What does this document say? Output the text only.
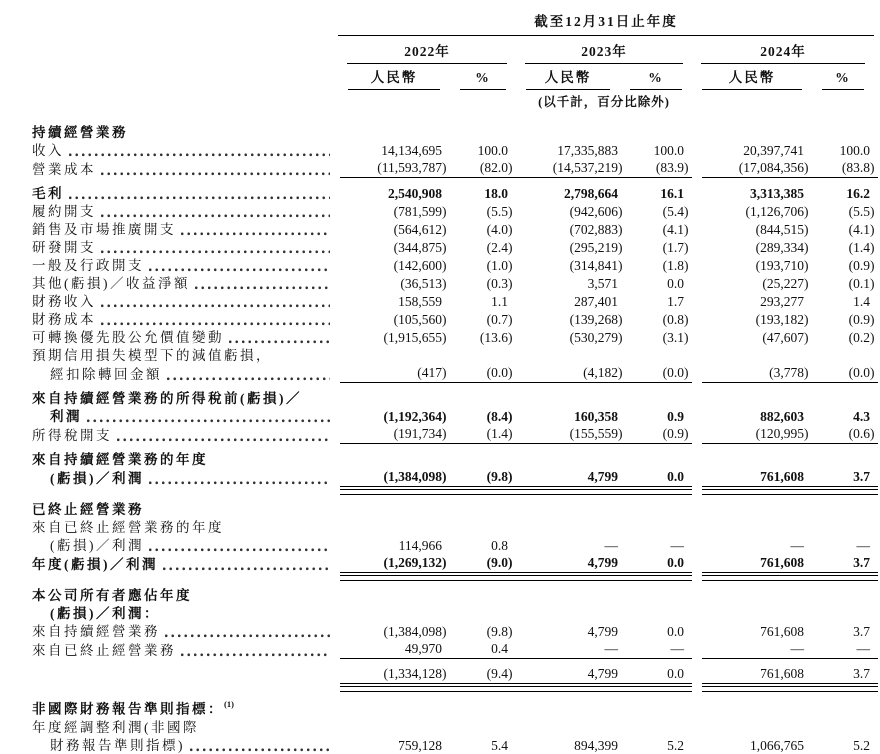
	截至12月31日止年度					

	2022年		2023年		2024年	

	人民幣	%	人民幣	%	人民幣	%

			(以千計，百分比除外)			

持續經營業務						

收入	14,134,695	100.0	17,335,883	100.0	20,397,741	100.0

營業成本	(11,593,787)	(82.0)	(14,537,219)	(83.9)	(17,084,356)	(83.8)

毛利	2,540,908	18.0	2,798,664	16.1	3,313,385	16.2

履約開支	(781,599)	(5.5)	(942,606)	(5.4)	(1,126,706)	(5.5)

銷售及市場推廣開支	(564,612)	(4.0)	(702,883)	(4.1)	(844,515)	(4.1)

研發開支	(344,875)	(2.4)	(295,219)	(1.7)	(289,334)	(1.4)

一般及行政開支	(142,600)	(1.0)	(314,841)	(1.8)	(193,710)	(0.9)

其他(虧損)／收益淨額	(36,513)	(0.3)	3,571	0.0	(25,227)	(0.1)

財務收入	158,559	1.1	287,401	1.7	293,277	1.4

財務成本	(105,560)	(0.7)	(139,268)	(0.8)	(193,182)	(0.9)

可轉換優先股公允價值變動	(1,915,655)	(13.6)	(530,279)	(3.1)	(47,607)	(0.2)

預期信用損失模型下的減值虧損，						

經扣除轉回金額	(417)	(0.0)	(4,182)	(0.0)	(3,778)	(0.0)

來自持續經營業務的所得稅前(虧損)／						

利潤	(1,192,364)	(8.4)	160,358	0.9	882,603	4.3

所得稅開支	(191,734)	(1.4)	(155,559)	(0.9)	(120,995)	(0.6)

來自持續經營業務的年度						

(虧損)／利潤	(1,384,098)	(9.8)	4,799	0.0	761,608	3.7

已終止經營業務						

來自已終止經營業務的年度						

(虧損)／利潤	114,966	0.8	—	—	—	—

年度(虧損)／利潤	(1,269,132)	(9.0)	4,799	0.0	761,608	3.7

本公司所有者應佔年度						

(虧損)／利潤：						

來自持續經營業務	(1,384,098)	(9.8)	4,799	0.0	761,608	3.7

來自已終止經營業務	49,970	0.4	—	—	—	—

	(1,334,128)	(9.4)	4,799	0.0	761,608	3.7

非國際財務報告準則指標：$^{(1)}$

年度經調整利潤(非國際						

財務報告準則指標)	759,128	5.4	894,399	5.2	1,066,765	5.2
